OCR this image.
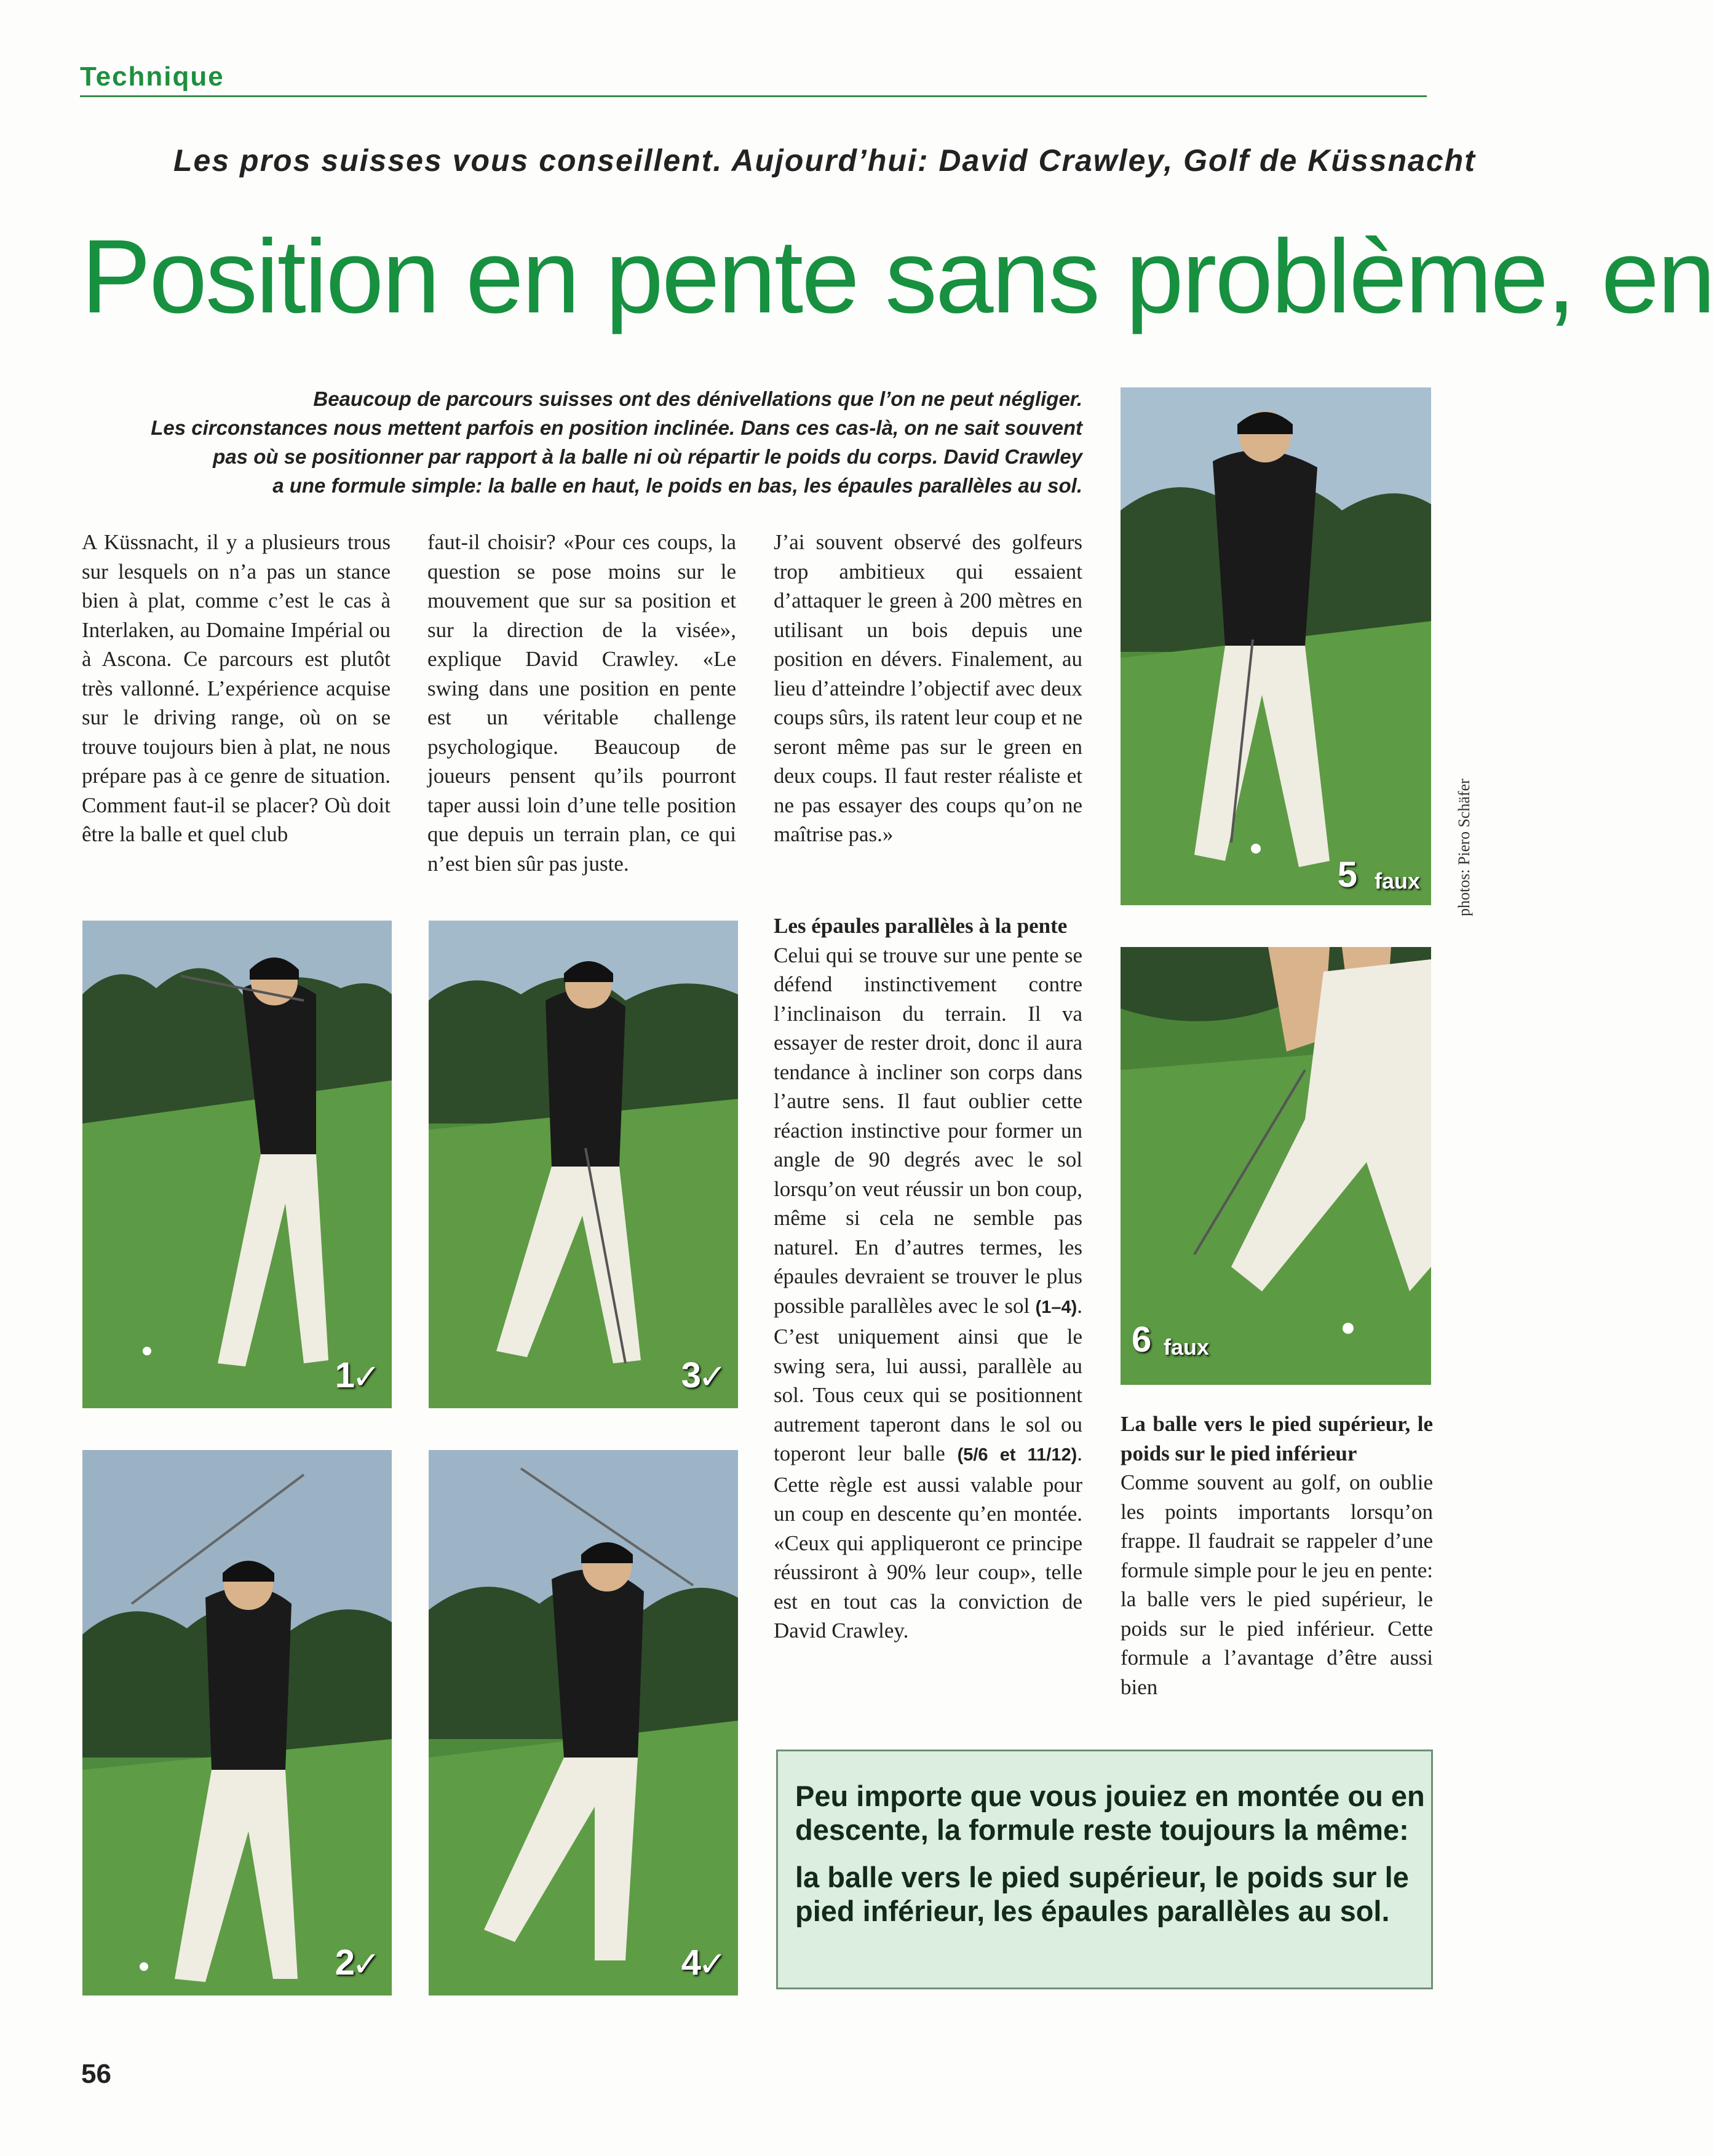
Technique
Les pros suisses vous conseillent. Aujourd’hui: David Crawley, Golf de Küssnacht
Position en pente sans problème, en
Beaucoup de parcours suisses ont des dénivellations que l’on ne peut négliger.
Les circonstances nous mettent parfois en position inclinée. Dans ces cas-là, on ne sait souvent
pas où se positionner par rapport à la balle ni où répartir le poids du corps. David Crawley
a une formule simple: la balle en haut, le poids en bas, les épaules parallèles au sol.
A Küssnacht, il y a plusieurs trous sur lesquels on n’a pas un stance bien à plat, comme c’est le cas à Interlaken, au Domaine Impérial ou à Ascona. Ce parcours est plutôt très vallonné. L’expérience acquise sur le driving range, où on se trouve toujours bien à plat, ne nous prépare pas à ce genre de situation. Comment faut-il se placer? Où doit être la balle et quel club
faut-il choisir? «Pour ces coups, la question se pose moins sur le mouvement que sur sa position et sur la direction de la visée», explique David Crawley. «Le swing dans une position en pente est un véritable challenge psychologique. Beaucoup de joueurs pensent qu’ils pourront taper aussi loin d’une telle position que depuis un terrain plan, ce qui n’est bien sûr pas juste.
J’ai souvent observé des golfeurs trop ambitieux qui essaient d’attaquer le green à 200 mètres en utilisant un bois depuis une position en dévers. Finalement, au lieu d’atteindre l’objectif avec deux coups sûrs, ils ratent leur coup et ne seront même pas sur le green en deux coups. Il faut rester réaliste et ne pas essayer des coups qu’on ne maîtrise pas.»
Les épaules parallèles à la pente
Celui qui se trouve sur une pente se défend instinctivement contre l’inclinaison du terrain. Il va essayer de rester droit, donc il aura tendance à incliner son corps dans l’autre sens. Il faut oublier cette réaction instinctive pour former un angle de 90 degrés avec le sol lorsqu’on veut réussir un bon coup, même si cela ne semble pas naturel. En d’autres termes, les épaules devraient se trouver le plus possible parallèles avec le sol (1–4). C’est uniquement ainsi que le swing sera, lui aussi, parallèle au sol. Tous ceux qui se positionnent autrement taperont dans le sol ou toperont leur balle (5/6 et 11/12). Cette règle est aussi valable pour un coup en descente qu’en montée. «Ceux qui appliqueront ce principe réussiront à 90% leur coup», telle est en tout cas la conviction de David Crawley.
La balle vers le pied supérieur, le poids sur le pied inférieur
Comme souvent au golf, on oublie les points importants lorsqu’on frappe. Il faudrait se rappeler d’une formule simple pour le jeu en pente: la balle vers le pied supérieur, le poids sur le pied inférieur. Cette formule a l’avantage d’être aussi bien
1
✓
2
✓
3
✓
4
✓
5 faux
6 faux
photos: Piero Schäfer

Peu importe que vous jouiez en montée ou en descente, la formule reste toujours la même:

la balle vers le pied supérieur, le poids sur le pied inférieur, les épaules parallèles au sol.

56
